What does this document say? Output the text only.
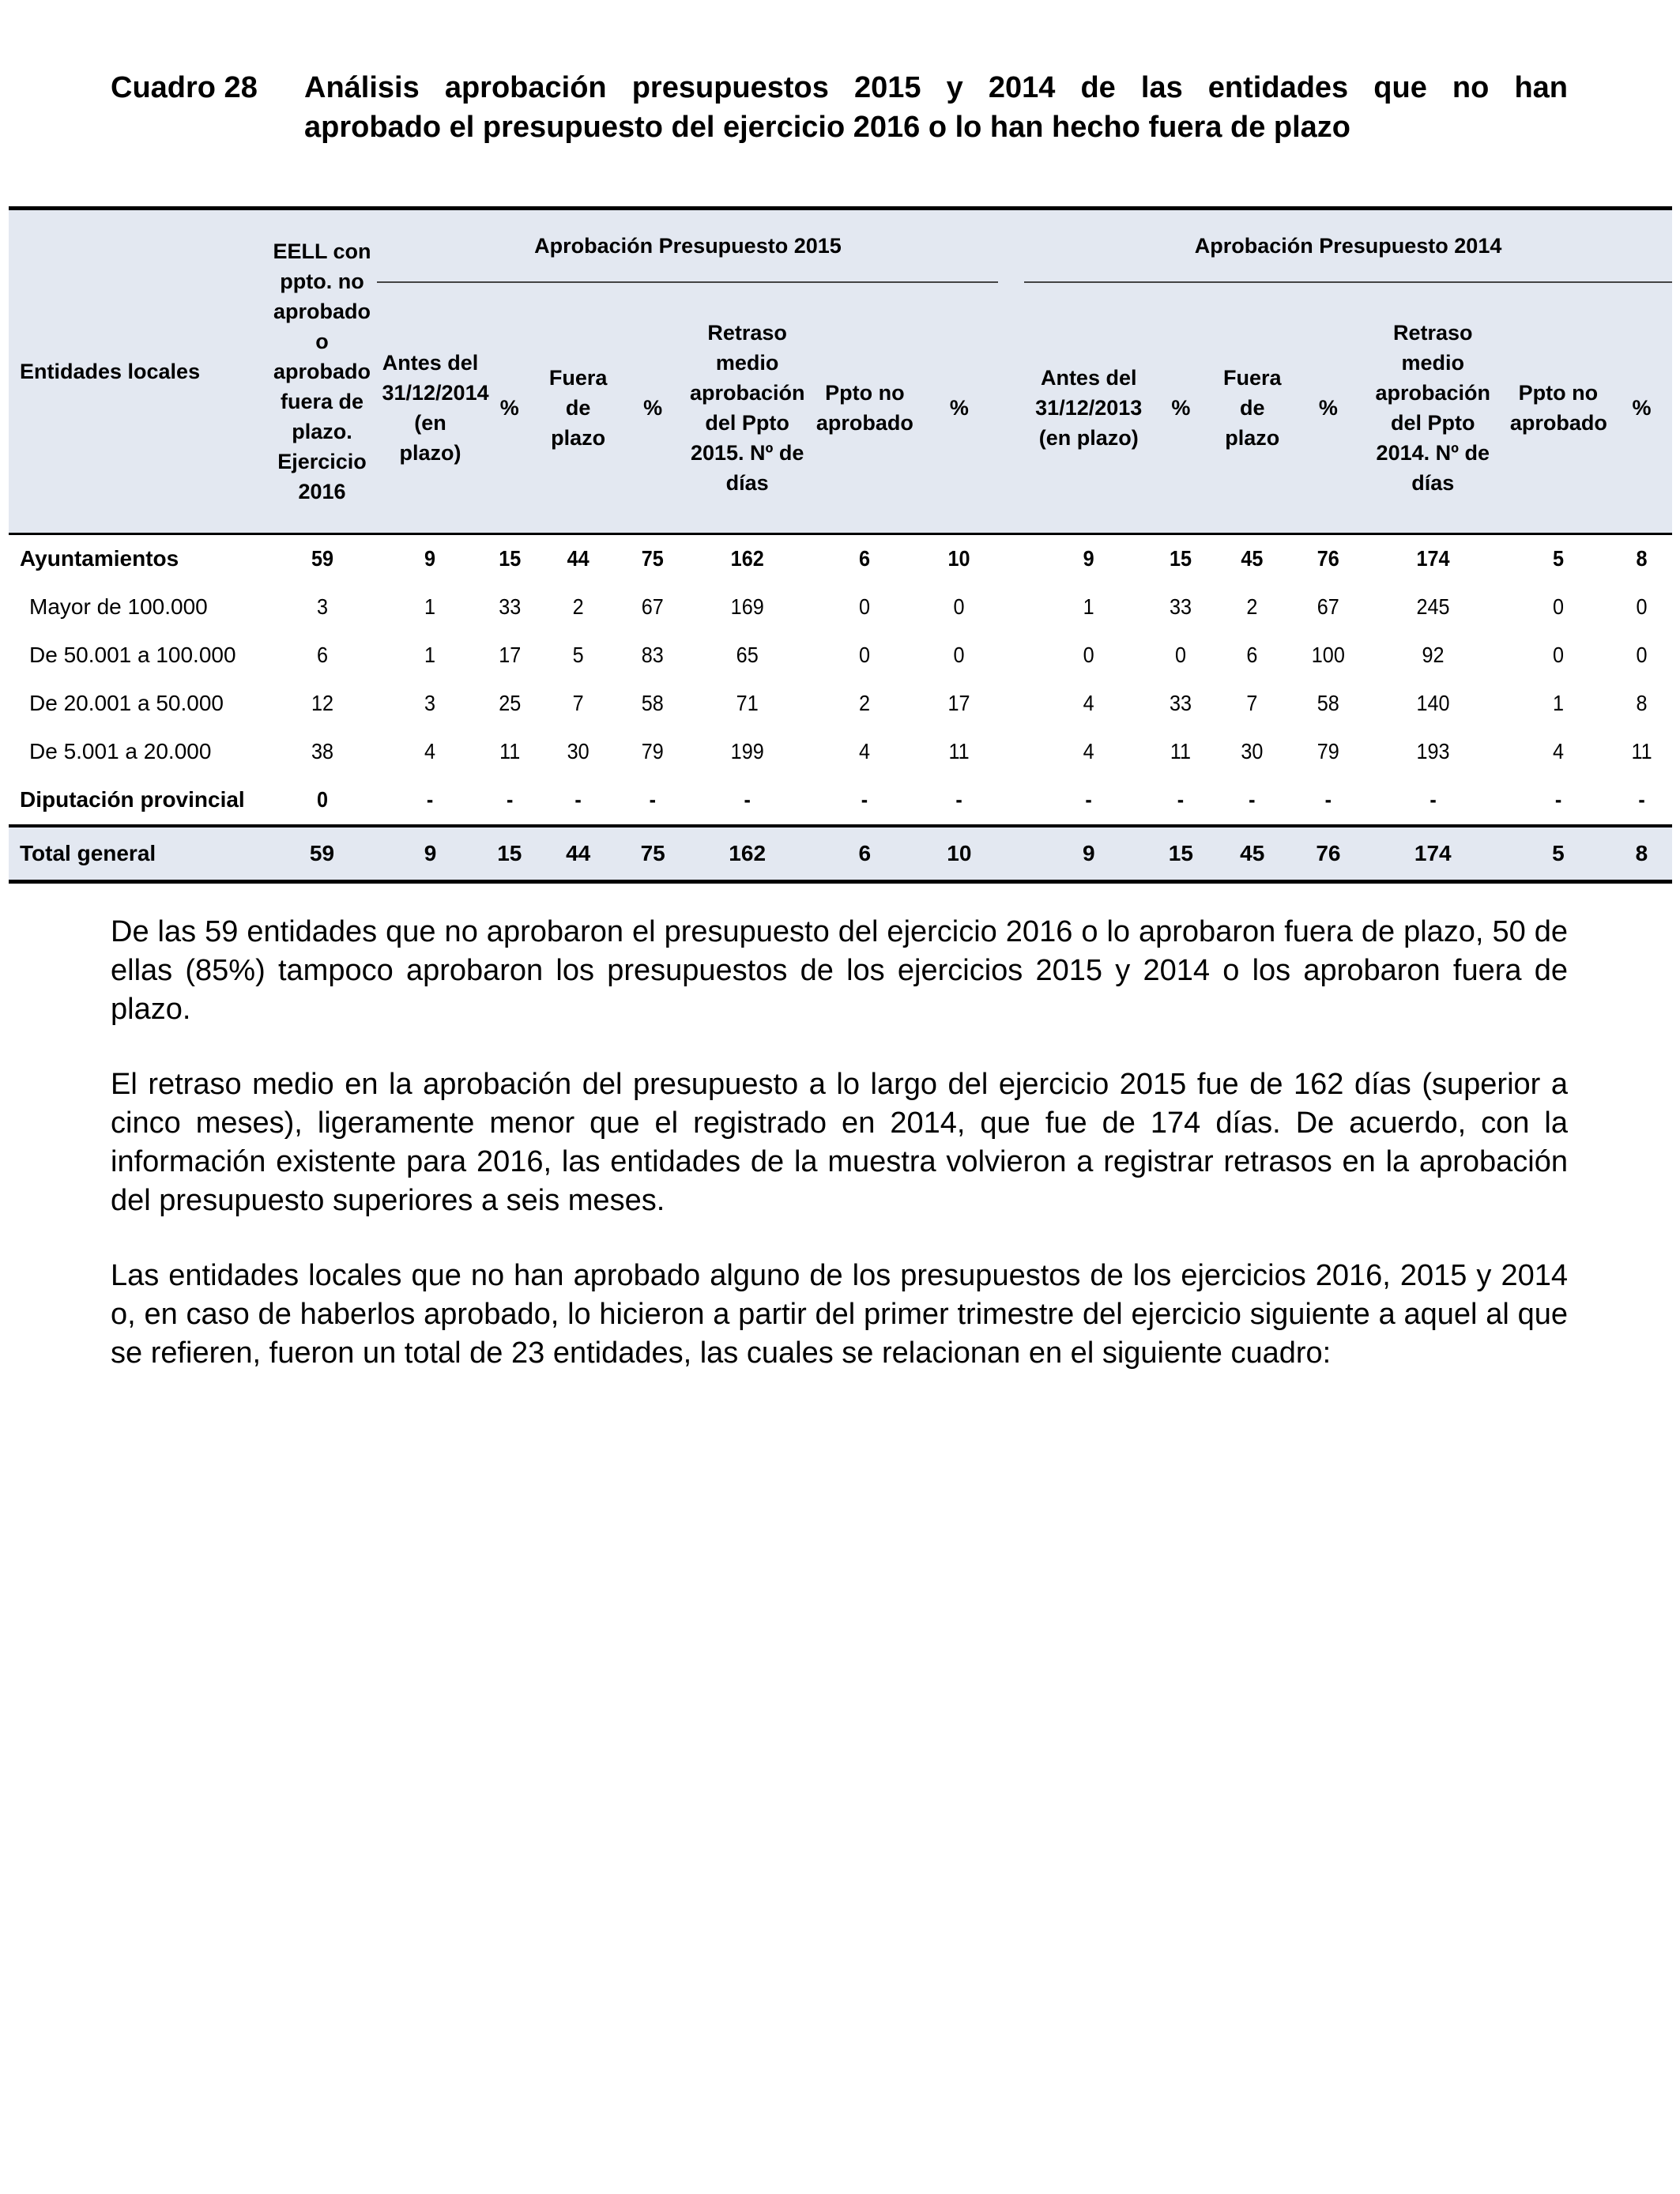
Cuadro 28 Análisis aprobación presupuestos 2015 y 2014 de las entidades que no han
aprobado el presupuesto del ejercicio 2016 o lo han hecho fuera de plazo
Entidades locales	EELL con ppto. no aprobado o aprobado fuera de plazo. Ejercicio 2016	Aprobación Presupuesto 2015								Aprobación Presupuesto 2014						
		Antes del 31/12/2014 (en plazo)	%	Fuera de plazo	%	Retraso medio aprobación del Ppto 2015. Nº de días	Ppto no aprobado	%		Antes del 31/12/2013 (en plazo)	%	Fuera de plazo	%	Retraso medio aprobación del Ppto 2014. Nº de días	Ppto no aprobado	%
Ayuntamientos	59	9	15	44	75	162	6	10		9	15	45	76	174	5	8
Mayor de 100.000	3	1	33	2	67	169	0	0		1	33	2	67	245	0	0
De 50.001 a 100.000	6	1	17	5	83	65	0	0		0	0	6	100	92	0	0
De 20.001 a 50.000	12	3	25	7	58	71	2	17		4	33	7	58	140	1	8
De 5.001 a 20.000	38	4	11	30	79	199	4	11		4	11	30	79	193	4	11
Diputación provincial	0	-	-	-	-	-	-	-		-	-	-	-	-	-	-
Total general	59	9	15	44	75	162	6	10		9	15	45	76	174	5	8

De las 59 entidades que no aprobaron el presupuesto del ejercicio 2016 o lo aprobaron fuera de plazo, 50 de ellas (85%) tampoco aprobaron los presupuestos de los ejercicios 2015 y 2014 o los aprobaron fuera de plazo.

El retraso medio en la aprobación del presupuesto a lo largo del ejercicio 2015 fue de 162 días (superior a cinco meses), ligeramente menor que el registrado en 2014, que fue de 174 días. De acuerdo, con la información existente para 2016, las entidades de la muestra volvieron a registrar retrasos en la aprobación del presupuesto superiores a seis meses.

Las entidades locales que no han aprobado alguno de los presupuestos de los ejercicios 2016, 2015 y 2014 o, en caso de haberlos aprobado, lo hicieron a partir del primer trimestre del ejercicio siguiente a aquel al que se refieren, fueron un total de 23 entidades, las cuales se relacionan en el siguiente cuadro:
